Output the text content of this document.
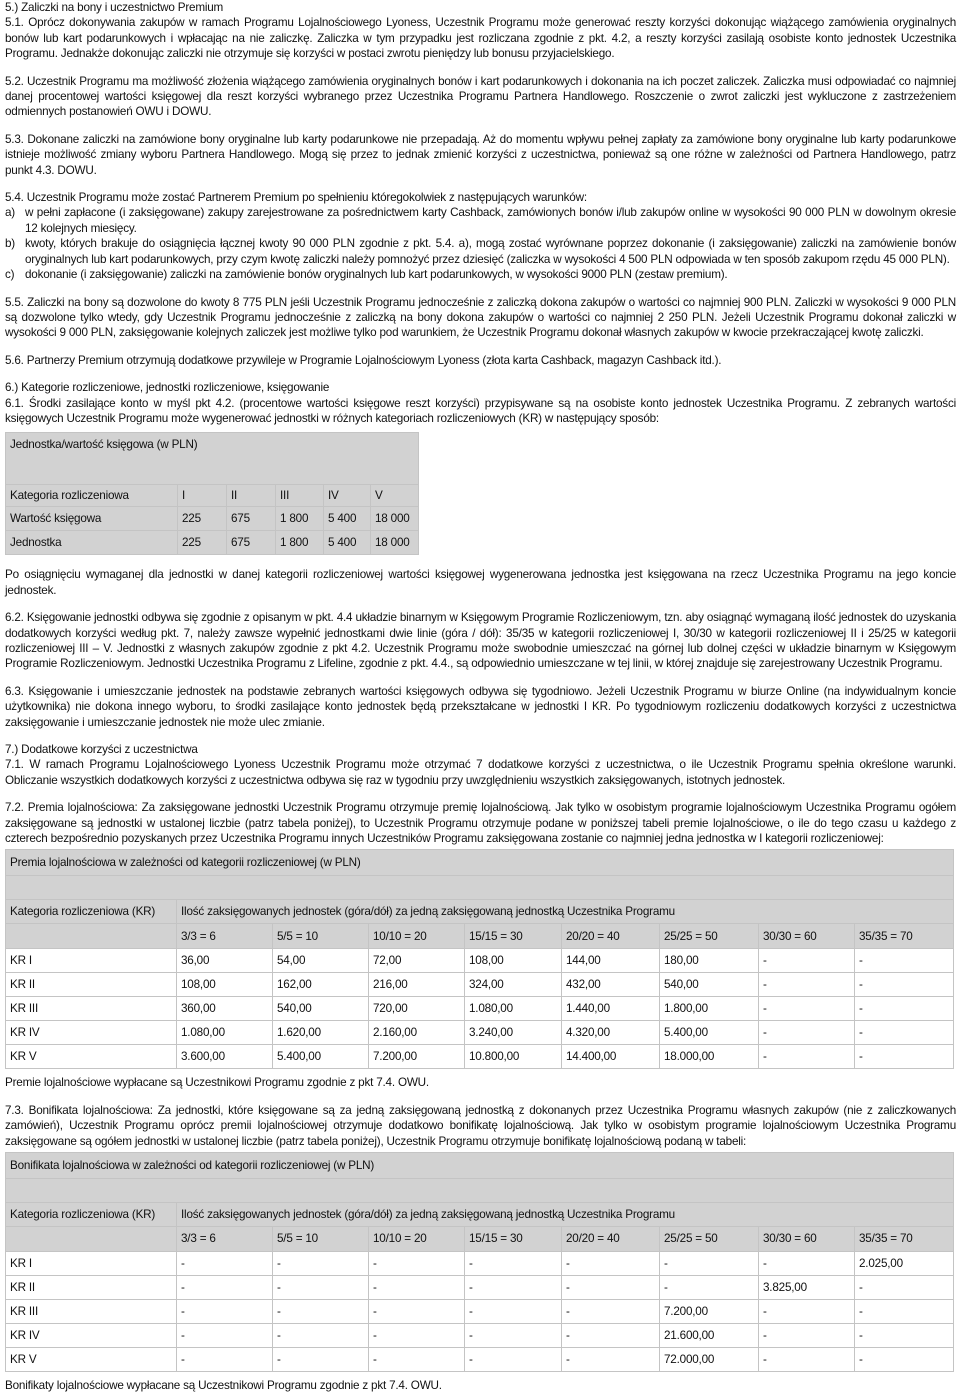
5.) Zaliczki na bony i uczestnictwo Premium

5.1. Oprócz dokonywania zakupów w ramach Programu Lojalnościowego Lyoness, Uczestnik Programu może generować reszty korzyści dokonując wiążącego zamówienia oryginalnych bonów lub kart podarunkowych i wpłacając na nie zaliczkę. Zaliczka w tym przypadku jest rozliczana zgodnie z pkt. 4.2, a reszty korzyści zasilają osobiste konto jednostek Uczestnika Programu. Jednakże dokonując zaliczki nie otrzymuje się korzyści w postaci zwrotu pieniędzy lub bonusu przyjacielskiego.

5.2. Uczestnik Programu ma możliwość złożenia wiążącego zamówienia oryginalnych bonów i kart podarunkowych i dokonania na ich poczet zaliczek. Zaliczka musi odpowiadać co najmniej danej procentowej wartości księgowej dla reszt korzyści wybranego przez Uczestnika Programu Partnera Handlowego. Roszczenie o zwrot zaliczki jest wykluczone z zastrzeżeniem odmiennych postanowień OWU i DOWU.

5.3. Dokonane zaliczki na zamówione bony oryginalne lub karty podarunkowe nie przepadają. Aż do momentu wpływu pełnej zapłaty za zamówione bony oryginalne lub karty podarunkowe istnieje możliwość zmiany wyboru Partnera Handlowego. Mogą się przez to jednak zmienić korzyści z uczestnictwa, ponieważ są one różne w zależności od Partnera Handlowego, patrz punkt 4.3. DOWU.

5.4. Uczestnik Programu może zostać Partnerem Premium po spełnieniu któregokolwiek z następujących warunków:

a) w pełni zapłacone (i zaksięgowane) zakupy zarejestrowane za pośrednictwem karty Cashback, zamówionych bonów i/lub zakupów online w wysokości 90 000 PLN w dowolnym okresie 12 kolejnych miesięcy.
b) kwoty, których brakuje do osiągnięcia łącznej kwoty 90 000 PLN zgodnie z pkt. 5.4. a), mogą zostać wyrównane poprzez dokonanie (i zaksięgowanie) zaliczki na zamówienie bonów oryginalnych lub kart podarunkowych, przy czym kwotę zaliczki należy pomnożyć przez dziesięć (zaliczka w wysokości 4 500 PLN odpowiada w ten sposób zakupom rzędu 45 000 PLN).
c) dokonanie (i zaksięgowanie) zaliczki na zamówienie bonów oryginalnych lub kart podarunkowych, w wysokości 9000 PLN (zestaw premium).

5.5. Zaliczki na bony są dozwolone do kwoty 8 775 PLN jeśli Uczestnik Programu jednocześnie z zaliczką dokona zakupów o wartości co najmniej 900 PLN. Zaliczki w wysokości 9 000 PLN są dozwolone tylko wtedy, gdy Uczestnik Programu jednocześnie z zaliczką na bony dokona zakupów o wartości co najmniej 2 250 PLN. Jeżeli Uczestnik Programu dokonał zaliczki w wysokości 9 000 PLN, zaksięgowanie kolejnych zaliczek jest możliwe tylko pod warunkiem, że Uczestnik Programu dokonał własnych zakupów w kwocie przekraczającej kwotę zaliczki.

5.6. Partnerzy Premium otrzymują dodatkowe przywileje w Programie Lojalnościowym Lyoness (złota karta Cashback, magazyn Cashback itd.).

6.) Kategorie rozliczeniowe, jednostki rozliczeniowe, księgowanie

6.1. Środki zasilające konto w myśl pkt 4.2. (procentowe wartości księgowe reszt korzyści) przypisywane są na osobiste konto jednostek Uczestnika Programu. Z zebranych wartości księgowych Uczestnik Programu może wygenerować jednostki w różnych kategoriach rozliczeniowych (KR) w następujący sposób:

Jednostka/wartość księgowa (w PLN)					
Kategoria rozliczeniowa	I	II	III	IV	V
Wartość księgowa	225	675	1 800	5 400	18 000
Jednostka	225	675	1 800	5 400	18 000

Po osiągnięciu wymaganej dla jednostki w danej kategorii rozliczeniowej wartości księgowej wygenerowana jednostka jest księgowana na rzecz Uczestnika Programu na jego koncie jednostek.

6.2. Księgowanie jednostki odbywa się zgodnie z opisanym w pkt. 4.4 układzie binarnym w Księgowym Programie Rozliczeniowym, tzn. aby osiągnąć wymaganą ilość jednostek do uzyskania dodatkowych korzyści według pkt. 7, należy zawsze wypełnić jednostkami dwie linie (góra / dół): 35/35 w kategorii rozliczeniowej I, 30/30 w kategorii rozliczeniowej II i 25/25 w kategorii rozliczeniowej III – V. Jednostki z własnych zakupów zgodnie z pkt 4.2. Uczestnik Programu może swobodnie umieszczać na górnej lub dolnej części w układzie binarnym w Księgowym Programie Rozliczeniowym. Jednostki Uczestnika Programu z Lifeline, zgodnie z pkt. 4.4., są odpowiednio umieszczane w tej linii, w której znajduje się zarejestrowany Uczestnik Programu.

6.3. Księgowanie i umieszczanie jednostek na podstawie zebranych wartości księgowych odbywa się tygodniowo. Jeżeli Uczestnik Programu w biurze Online (na indywidualnym koncie użytkownika) nie dokona innego wyboru, to środki zasilające konto jednostek będą przekształcane w jednostki I KR. Po tygodniowym rozliczeniu dodatkowych korzyści z uczestnictwa zaksięgowanie i umieszczanie jednostek nie może ulec zmianie.

7.) Dodatkowe korzyści z uczestnictwa

7.1. W ramach Programu Lojalnościowego Lyoness Uczestnik Programu może otrzymać 7 dodatkowe korzyści z uczestnictwa, o ile Uczestnik Programu spełnia określone warunki. Obliczanie wszystkich dodatkowych korzyści z uczestnictwa odbywa się raz w tygodniu przy uwzględnieniu wszystkich zaksięgowanych, istotnych jednostek.

7.2. Premia lojalnościowa: Za zaksięgowane jednostki Uczestnik Programu otrzymuje premię lojalnościową. Jak tylko w osobistym programie lojalnościowym Uczestnika Programu ogółem zaksięgowane są jednostki w ustalonej liczbie (patrz tabela poniżej), to Uczestnik Programu otrzymuje podane w poniższej tabeli premie lojalnościowe, o ile do tego czasu u każdego z czterech bezpośrednio pozyskanych przez Uczestnika Programu innych Uczestników Programu zaksięgowana zostanie co najmniej jedna jednostka w I kategorii rozliczeniowej:

Premia lojalnościowa w zależności od kategorii rozliczeniowej (w PLN)								

Kategoria rozliczeniowa (KR)	Ilość zaksięgowanych jednostek (góra/dół) za jedną zaksięgowaną jednostką Uczestnika Programu							
	3/3 = 6	5/5 = 10	10/10 = 20	15/15 = 30	20/20 = 40	25/25 = 50	30/30 = 60	35/35 = 70
KR I	36,00	54,00	72,00	108,00	144,00	180,00	-	-
KR II	108,00	162,00	216,00	324,00	432,00	540,00	-	-
KR III	360,00	540,00	720,00	1.080,00	1.440,00	1.800,00	-	-
KR IV	1.080,00	1.620,00	2.160,00	3.240,00	4.320,00	5.400,00	-	-
KR V	3.600,00	5.400,00	7.200,00	10.800,00	14.400,00	18.000,00	-	-

Premie lojalnościowe wypłacane są Uczestnikowi Programu zgodnie z pkt 7.4. OWU.

7.3. Bonifikata lojalnościowa: Za jednostki, które księgowane są za jedną zaksięgowaną jednostką z dokonanych przez Uczestnika Programu własnych zakupów (nie z zaliczkowanych zamówień), Uczestnik Programu oprócz premii lojalnościowej otrzymuje dodatkowo bonifikatę lojalnościową. Jak tylko w osobistym programie lojalnościowym Uczestnika Programu zaksięgowane są ogółem jednostki w ustalonej liczbie (patrz tabela poniżej), Uczestnik Programu otrzymuje bonifikatę lojalnościową podaną w tabeli:

Bonifikata lojalnościowa w zależności od kategorii rozliczeniowej (w PLN)								

Kategoria rozliczeniowa (KR)	Ilość zaksięgowanych jednostek (góra/dół) za jedną zaksięgowaną jednostką Uczestnika Programu							
	3/3 = 6	5/5 = 10	10/10 = 20	15/15 = 30	20/20 = 40	25/25 = 50	30/30 = 60	35/35 = 70
KR I	-	-	-	-	-	-	-	2.025,00
KR II	-	-	-	-	-	-	3.825,00	-
KR III	-	-	-	-	-	7.200,00	-	-
KR IV	-	-	-	-	-	21.600,00	-	-
KR V	-	-	-	-	-	72.000,00	-	-

Bonifikaty lojalnościowe wypłacane są Uczestnikowi Programu zgodnie z pkt 7.4. OWU.
